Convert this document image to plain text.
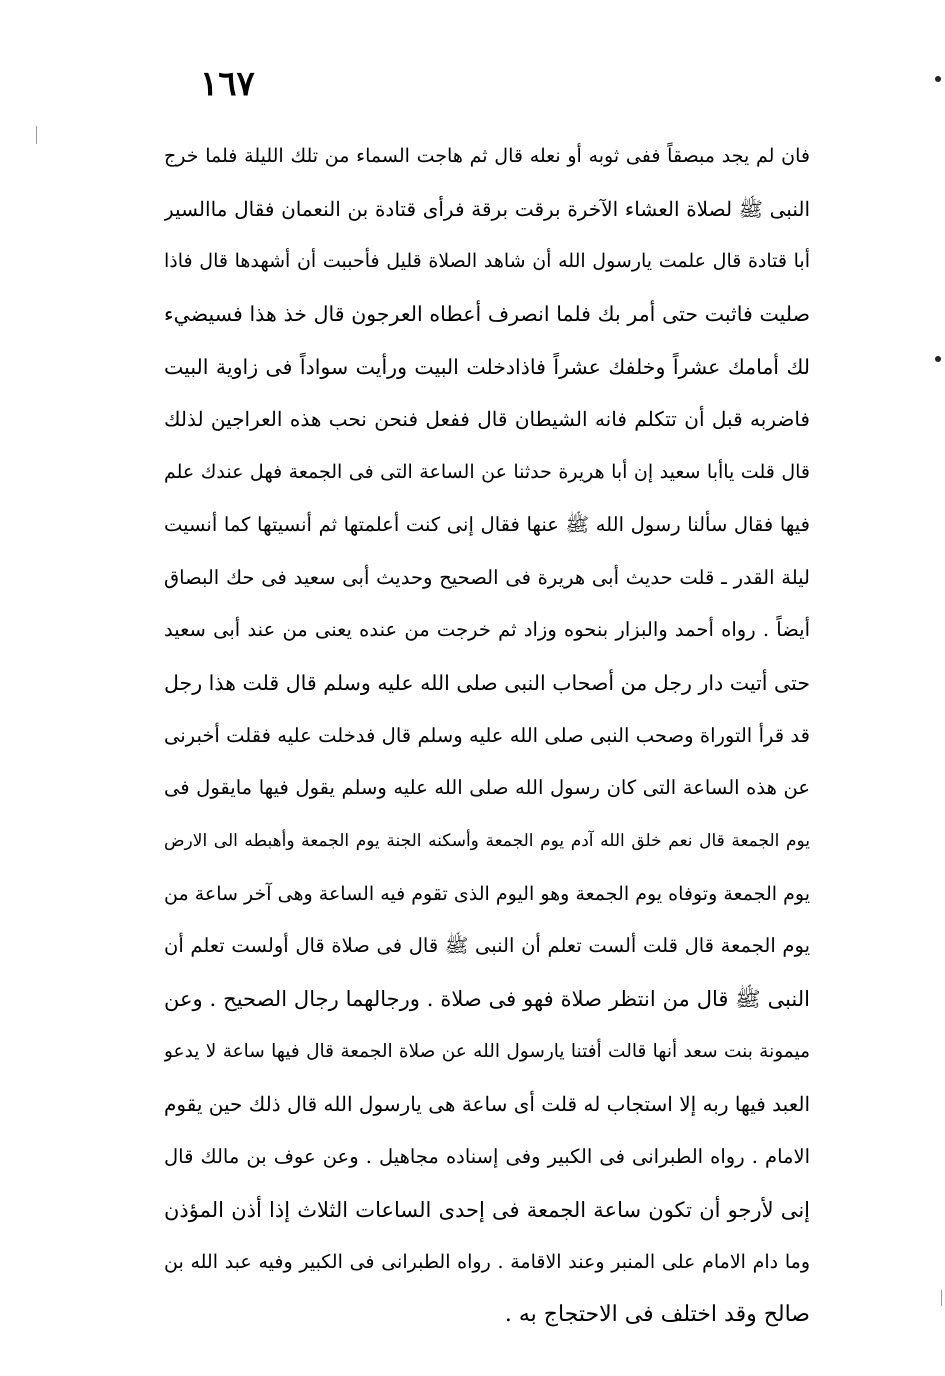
١٦٧
فان لم يجد مبصقاً ففى ثوبه أو نعله قال ثم هاجت السماء من تلك الليلة فلما خرج
النبى ﷺ لصلاة العشاء الآخرة برقت برقة فرأى قتادة بن النعمان فقال ماالسير
أبا قتادة قال علمت يارسول الله أن شاهد الصلاة قليل فأحببت أن أشهدها قال فاذا
صليت فاثبت حتى أمر بك فلما انصرف أعطاه العرجون قال خذ هذا فسيضيء
لك أمامك عشراً وخلفك عشراً فاذادخلت البيت ورأيت سواداً فى زاوية البيت
فاضربه قبل أن تتكلم فانه الشيطان قال ففعل فنحن نحب هذه العراجين لذلك
قال قلت ياأبا سعيد إن أبا هريرة حدثنا عن الساعة التى فى الجمعة فهل عندك علم
فيها فقال سألنا رسول الله ﷺ عنها فقال إنى كنت أعلمتها ثم أنسيتها كما أنسيت
ليلة القدر ـ قلت حديث أبى هريرة فى الصحيح وحديث أبى سعيد فى حك البصاق
أيضاً . رواه أحمد والبزار بنحوه وزاد ثم خرجت من عنده يعنى من عند أبى سعيد
حتى أتيت دار رجل من أصحاب النبى صلى الله عليه وسلم قال قلت هذا رجل
قد قرأ التوراة وصحب النبى صلى الله عليه وسلم قال فدخلت عليه فقلت أخبرنى
عن هذه الساعة التى كان رسول الله صلى الله عليه وسلم يقول فيها مايقول فى
يوم الجمعة قال نعم خلق الله آدم يوم الجمعة وأسكنه الجنة يوم الجمعة وأهبطه الى الارض
يوم الجمعة وتوفاه يوم الجمعة وهو اليوم الذى تقوم فيه الساعة وهى آخر ساعة من
يوم الجمعة قال قلت ألست تعلم أن النبى ﷺ قال فى صلاة قال أولست تعلم أن
النبى ﷺ قال من انتظر صلاة فهو فى صلاة . ورجالهما رجال الصحيح . وعن
ميمونة بنت سعد أنها قالت أفتنا يارسول الله عن صلاة الجمعة قال فيها ساعة لا يدعو
العبد فيها ربه إلا استجاب له قلت أى ساعة هى يارسول الله قال ذلك حين يقوم
الامام . رواه الطبرانى فى الكبير وفى إسناده مجاهيل . وعن عوف بن مالك قال
إنى لأرجو أن تكون ساعة الجمعة فى إحدى الساعات الثلاث إذا أذن المؤذن
وما دام الامام على المنبر وعند الاقامة . رواه الطبرانى فى الكبير وفيه عبد الله بن
صالح وقد اختلف فى الاحتجاج به .
